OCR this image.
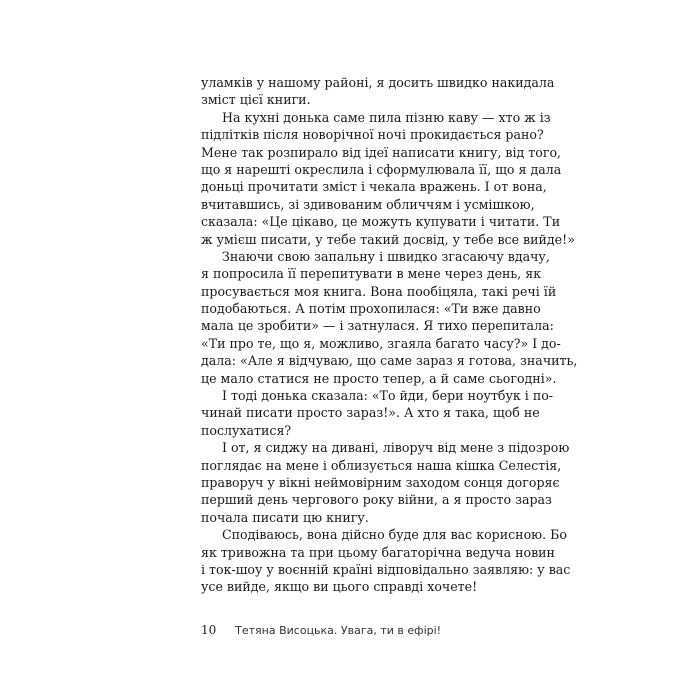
уламків у нашому районі, я досить швидко накидала
зміст цієї книги.
На кухні донька саме пила пізню каву — хто ж із
підлітків після новорічної ночі прокидається рано?
Мене так розпирало від ідеї написати книгу, від того,
що я нарешті окреслила і сформулювала її, що я дала
доньці прочитати зміст і чекала вражень. І от вона,
вчитавшись, зі здивованим обличчям і усмішкою,
сказала: «Це цікаво, це можуть купувати і читати. Ти
ж умієш писати, у тебе такий досвід, у тебе все вийде!»
Знаючи свою запальну і швидко згасаючу вдачу,
я попросила її перепитувати в мене через день, як
просувається моя книга. Вона пообіцяла, такі речі їй
подобаються. А потім прохопилася: «Ти вже давно
мала це зробити» — і затнулася. Я тихо перепитала:
«Ти про те, що я, можливо, згаяла багато часу?» І до-
дала: «Але я відчуваю, що саме зараз я готова, значить,
це мало статися не просто тепер, а й саме сьогодні».
І тоді донька сказала: «То йди, бери ноутбук і по-
чинай писати просто зараз!». А хто я така, щоб не
послухатися?
І от, я сиджу на дивані, ліворуч від мене з підозрою
поглядає на мене і облизується наша кішка Селестія,
праворуч у вікні неймовірним заходом сонця догоряє
перший день чергового року війни, а я просто зараз
почала писати цю книгу.
Сподіваюсь, вона дійсно буде для вас корисною. Бо
як тривожна та при цьому багаторічна ведуча новин
і ток-шоу у воєнній країні відповідально заявляю: у вас
усе вийде, якщо ви цього справді хочете!
10 Тетяна Висоцька. Увага, ти в ефірі!
